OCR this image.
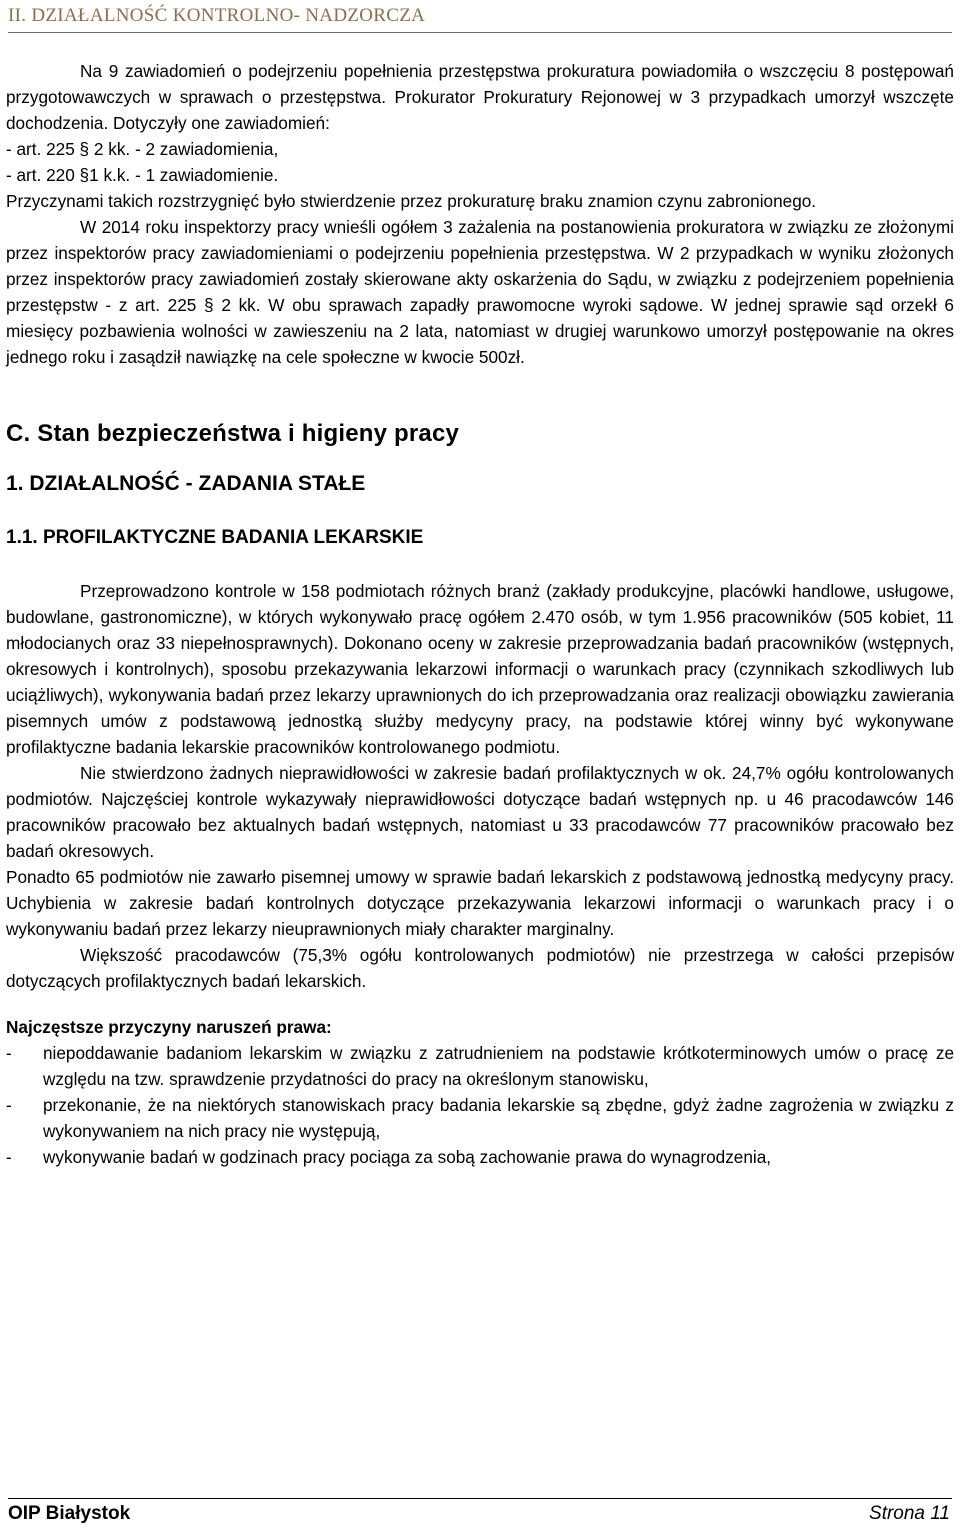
II. DZIAŁALNOŚĆ KONTROLNO- NADZORCZA

Na 9 zawiadomień o podejrzeniu popełnienia przestępstwa prokuratura powiadomiła o wszczęciu 8 postępowań przygotowawczych w sprawach o przestępstwa. Prokurator Prokuratury Rejonowej w 3 przypadkach umorzył wszczęte dochodzenia. Dotyczyły one zawiadomień:

- art. 225 § 2 kk. - 2 zawiadomienia,

- art. 220 §1 k.k. - 1 zawiadomienie.

Przyczynami takich rozstrzygnięć było stwierdzenie przez prokuraturę braku znamion czynu zabronionego.

W 2014 roku inspektorzy pracy wnieśli ogółem 3 zażalenia na postanowienia prokuratora w związku ze złożonymi przez inspektorów pracy zawiadomieniami o podejrzeniu popełnienia przestępstwa. W 2 przypadkach w wyniku złożonych przez inspektorów pracy zawiadomień zostały skierowane akty oskarżenia do Sądu, w związku z podejrzeniem popełnienia przestępstw - z art. 225 § 2 kk. W obu sprawach zapadły prawomocne wyroki sądowe. W jednej sprawie sąd orzekł 6 miesięcy pozbawienia wolności w zawieszeniu na 2 lata, natomiast w drugiej warunkowo umorzył postępowanie na okres jednego roku i zasądził nawiązkę na cele społeczne w kwocie 500zł.

C. Stan bezpieczeństwa i higieny pracy

1. DZIAŁALNOŚĆ - ZADANIA STAŁE

1.1. PROFILAKTYCZNE BADANIA LEKARSKIE

Przeprowadzono kontrole w 158 podmiotach różnych branż (zakłady produkcyjne, placówki handlowe, usługowe, budowlane, gastronomiczne), w których wykonywało pracę ogółem 2.470 osób, w tym 1.956 pracowników (505 kobiet, 11 młodocianych oraz 33 niepełnosprawnych). Dokonano oceny w zakresie przeprowadzania badań pracowników (wstępnych, okresowych i kontrolnych), sposobu przekazywania lekarzowi informacji o warunkach pracy (czynnikach szkodliwych lub uciążliwych), wykonywania badań przez lekarzy uprawnionych do ich przeprowadzania oraz realizacji obowiązku zawierania pisemnych umów z podstawową jednostką służby medycyny pracy, na podstawie której winny być wykonywane profilaktyczne badania lekarskie pracowników kontrolowanego podmiotu.

Nie stwierdzono żadnych nieprawidłowości w zakresie badań profilaktycznych w ok. 24,7% ogółu kontrolowanych podmiotów. Najczęściej kontrole wykazywały nieprawidłowości dotyczące badań wstępnych np. u 46 pracodawców 146 pracowników pracowało bez aktualnych badań wstępnych, natomiast u 33 pracodawców 77 pracowników pracowało bez badań okresowych.

Ponadto 65 podmiotów nie zawarło pisemnej umowy w sprawie badań lekarskich z podstawową jednostką medycyny pracy. Uchybienia w zakresie badań kontrolnych dotyczące przekazywania lekarzowi informacji o warunkach pracy i o wykonywaniu badań przez lekarzy nieuprawnionych miały charakter marginalny.

Większość pracodawców (75,3% ogółu kontrolowanych podmiotów) nie przestrzega w całości przepisów dotyczących profilaktycznych badań lekarskich.

Najczęstsze przyczyny naruszeń prawa:

- niepoddawanie badaniom lekarskim w związku z zatrudnieniem na podstawie krótkoterminowych umów o pracę ze względu na tzw. sprawdzenie przydatności do pracy na określonym stanowisku,
- przekonanie, że na niektórych stanowiskach pracy badania lekarskie są zbędne, gdyż żadne zagrożenia w związku z wykonywaniem na nich pracy nie występują,
- wykonywanie badań w godzinach pracy pociąga za sobą zachowanie prawa do wynagrodzenia,
OIP Białystok	Strona 11
